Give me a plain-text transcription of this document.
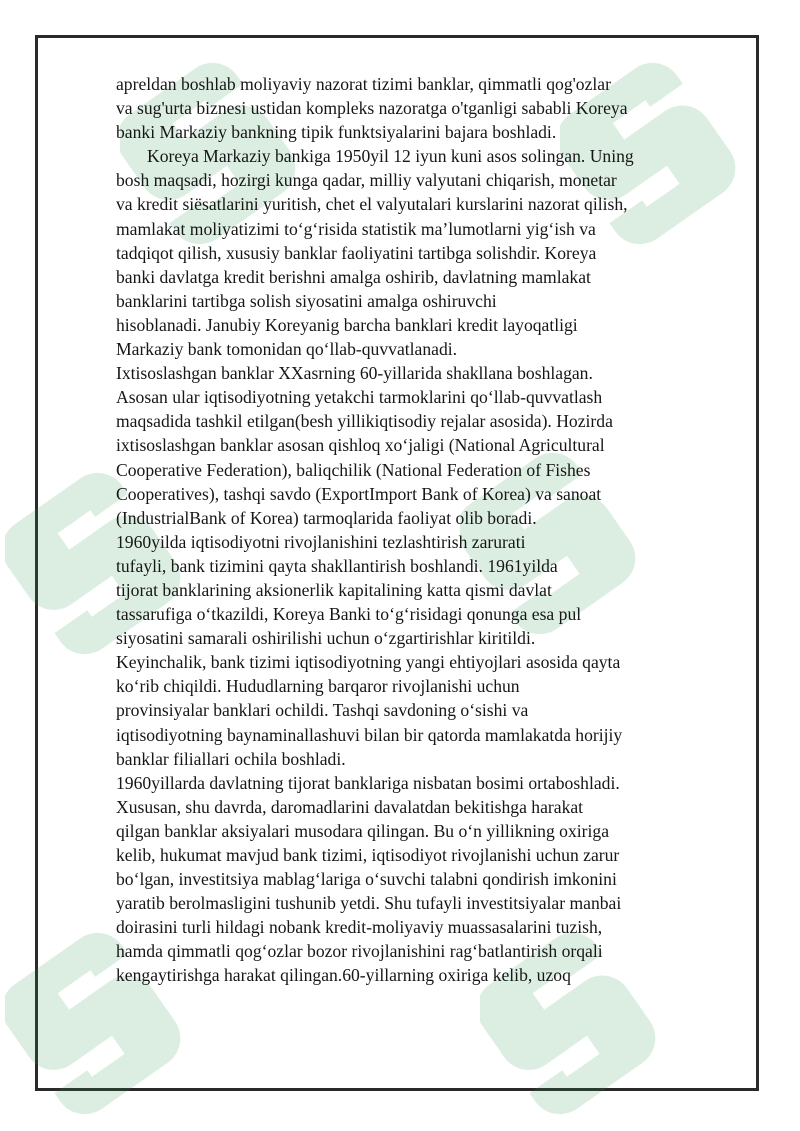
apreldan boshlab moliyaviy nazorat tizimi banklar, qimmatli qog'ozlar
va sug'urta biznesi ustidan kompleks nazoratga o'tganligi sababli Koreya
banki Markaziy bankning tipik funktsiyalarini bajara boshladi.
Koreya Markaziy bankiga 1950yil 12 iyun kuni asos solingan. Uning
bosh maqsadi, hozirgi kunga qadar, milliy valyutani chiqarish, monetar
va kredit siёsatlarini yuritish, chet el valyutalari kurslarini nazorat qilish,
mamlakat moliyatizimi to‘g‘risida statistik ma’lumotlarni yig‘ish va
tadqiqot qilish, xususiy banklar faoliyatini tartibga solishdir. Koreya
banki davlatga kredit berishni amalga oshirib, davlatning mamlakat
banklarini tartibga solish siyosatini amalga oshiruvchi
hisoblanadi. Janubiy Koreyanig barcha banklari kredit layoqatligi
Markaziy bank tomonidan qo‘llab-quvvatlanadi.
Ixtisoslashgan banklar XXasrning 60-yillarida shakllana boshlagan.
Asosan ular iqtisodiyotning yetakchi tarmoklarini qo‘llab-quvvatlash
maqsadida tashkil etilgan(besh yillikiqtisodiy rejalar asosida). Hozirda
ixtisoslashgan banklar asosan qishloq xo‘jaligi (National Agricultural
Cooperative Federation), baliqchilik (National Federation of Fishes
Cooperatives), tashqi savdo (ExportImport Bank of Korea) va sanoat
(IndustrialBank of Korea) tarmoqlarida faoliyat olib boradi.
1960yilda iqtisodiyotni rivojlanishini tezlashtirish zarurati
tufayli, bank tizimini qayta shakllantirish boshlandi. 1961yilda
tijorat banklarining aksionerlik kapitalining katta qismi davlat
tassarufiga o‘tkazildi, Koreya Banki to‘g‘risidagi qonunga esa pul
siyosatini samarali oshirilishi uchun o‘zgartirishlar kiritildi.
Keyinchalik, bank tizimi iqtisodiyotning yangi ehtiyojlari asosida qayta
ko‘rib chiqildi. Hududlarning barqaror rivojlanishi uchun
provinsiyalar banklari ochildi. Tashqi savdoning o‘sishi va
iqtisodiyotning baynaminallashuvi bilan bir qatorda mamlakatda horijiy
banklar filiallari ochila boshladi.
1960yillarda davlatning tijorat banklariga nisbatan bosimi ortaboshladi.
Xususan, shu davrda, daromadlarini davalatdan bekitishga harakat
qilgan banklar aksiyalari musodara qilingan. Bu o‘n yillikning oxiriga
kelib, hukumat mavjud bank tizimi, iqtisodiyot rivojlanishi uchun zarur
bo‘lgan, investitsiya mablag‘lariga o‘suvchi talabni qondirish imkonini
yaratib berolmasligini tushunib yetdi. Shu tufayli investitsiyalar manbai
doirasini turli hildagi nobank kredit-moliyaviy muassasalarini tuzish,
hamda qimmatli qog‘ozlar bozor rivojlanishini rag‘batlantirish orqali
kengaytirishga harakat qilingan.60-yillarning oxiriga kelib, uzoq
